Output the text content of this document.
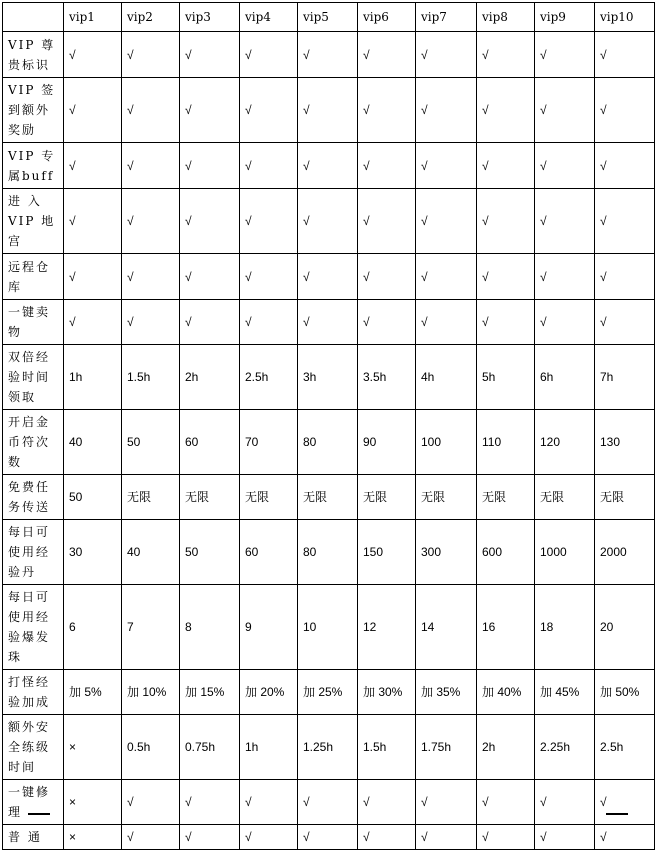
	vip1	vip2	vip3	vip4	vip5	vip6	vip7	vip8	vip9	vip10
VIP 尊贵标识	√	√	√	√	√	√	√	√	√	√
VIP 签到额外奖励	√	√	√	√	√	√	√	√	√	√
VIP 专属buff	√	√	√	√	√	√	√	√	√	√
进 入 VIP 地宫	√	√	√	√	√	√	√	√	√	√
远程仓库	√	√	√	√	√	√	√	√	√	√
一键卖物	√	√	√	√	√	√	√	√	√	√
双倍经验时间领取	1h	1.5h	2h	2.5h	3h	3.5h	4h	5h	6h	7h
开启金币符次数	40	50	60	70	80	90	100	110	120	130
免费任务传送	50	无限	无限	无限	无限	无限	无限	无限	无限	无限
每日可使用经验丹	30	40	50	60	80	150	300	600	1000	2000
每日可使用经验爆发珠	6	7	8	9	10	12	14	16	18	20
打怪经验加成	加 5%	加 10%	加 15%	加 20%	加 25%	加 30%	加 35%	加 40%	加 45%	加 50%
额外安全练级时间	×	0.5h	0.75h	1h	1.25h	1.5h	1.75h	2h	2.25h	2.5h
一键修理	×	√	√	√	√	√	√	√	√	√
普 通	×	√	√	√	√	√	√	√	√	√
